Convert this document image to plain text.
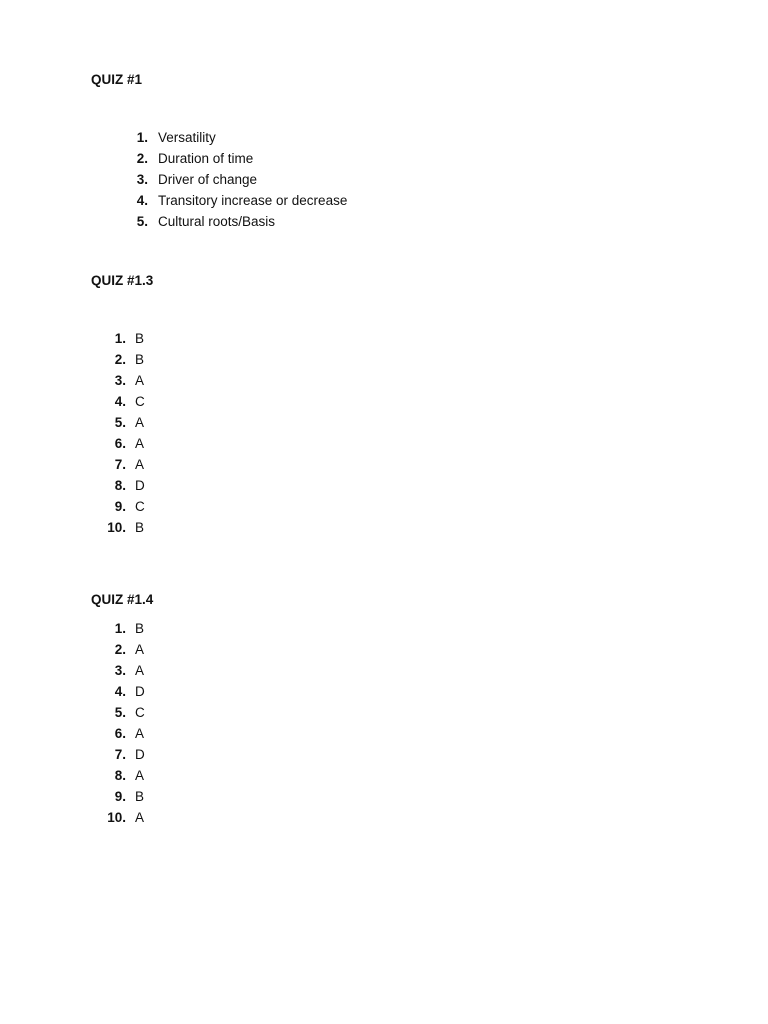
QUIZ #1
1. Versatility
2. Duration of time
3. Driver of change
4. Transitory increase or decrease
5. Cultural roots/Basis
QUIZ #1.3
1. B
2. B
3. A
4. C
5. A
6. A
7. A
8. D
9. C
10. B
QUIZ #1.4
1. B
2. A
3. A
4. D
5. C
6. A
7. D
8. A
9. B
10. A
